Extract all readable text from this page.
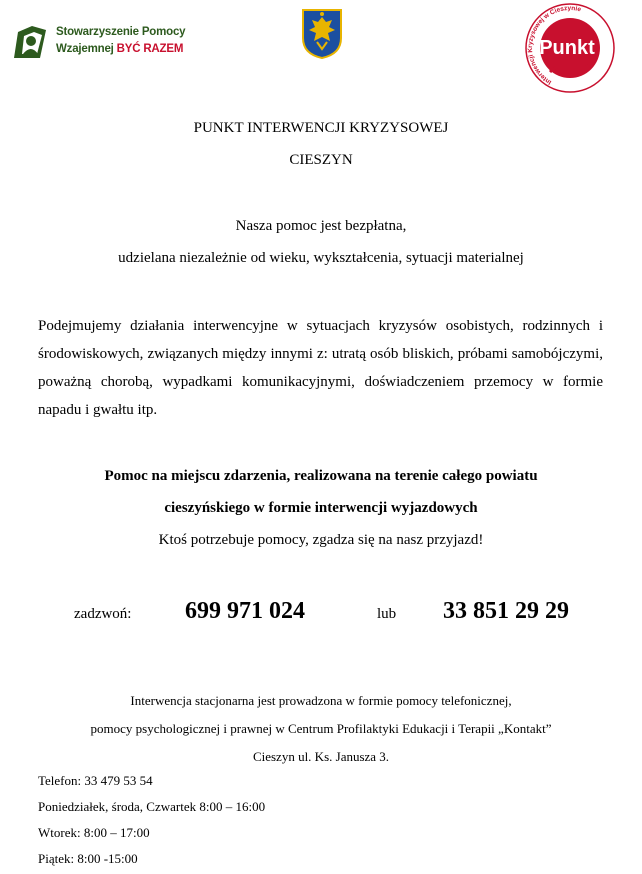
Stowarzyszenie Pomocy
Wzajemnej BYĆ RAZEM
Interwencji Kryzysowej w Cieszynie
Punkt
PUNKT INTERWENCJI KRYZYSOWEJ
CIESZYN
Nasza pomoc jest bezpłatna,
udzielana niezależnie od wieku, wykształcenia, sytuacji materialnej
Podejmujemy działania interwencyjne w sytuacjach kryzysów osobistych, rodzinnych i środowiskowych, związanych między innymi z: utratą osób bliskich, próbami samobójczymi, poważną chorobą, wypadkami komunikacyjnymi, doświadczeniem przemocy w formie napadu i gwałtu itp.
Pomoc na miejscu zdarzenia, realizowana na terenie całego powiatu
cieszyńskiego w formie interwencji wyjazdowych
Ktoś potrzebuje pomocy, zgadza się na nasz przyjazd!
zadzwoń: 699 971 024	lub 33 851 29 29
Interwencja stacjonarna jest prowadzona w formie pomocy telefonicznej,
pomocy psychologicznej i prawnej w Centrum Profilaktyki Edukacji i Terapii „Kontakt”
Cieszyn ul. Ks. Janusza 3.
Telefon: 33 479 53 54
Poniedziałek, środa, Czwartek 8:00 – 16:00
Wtorek: 8:00 – 17:00
Piątek: 8:00 -15:00
